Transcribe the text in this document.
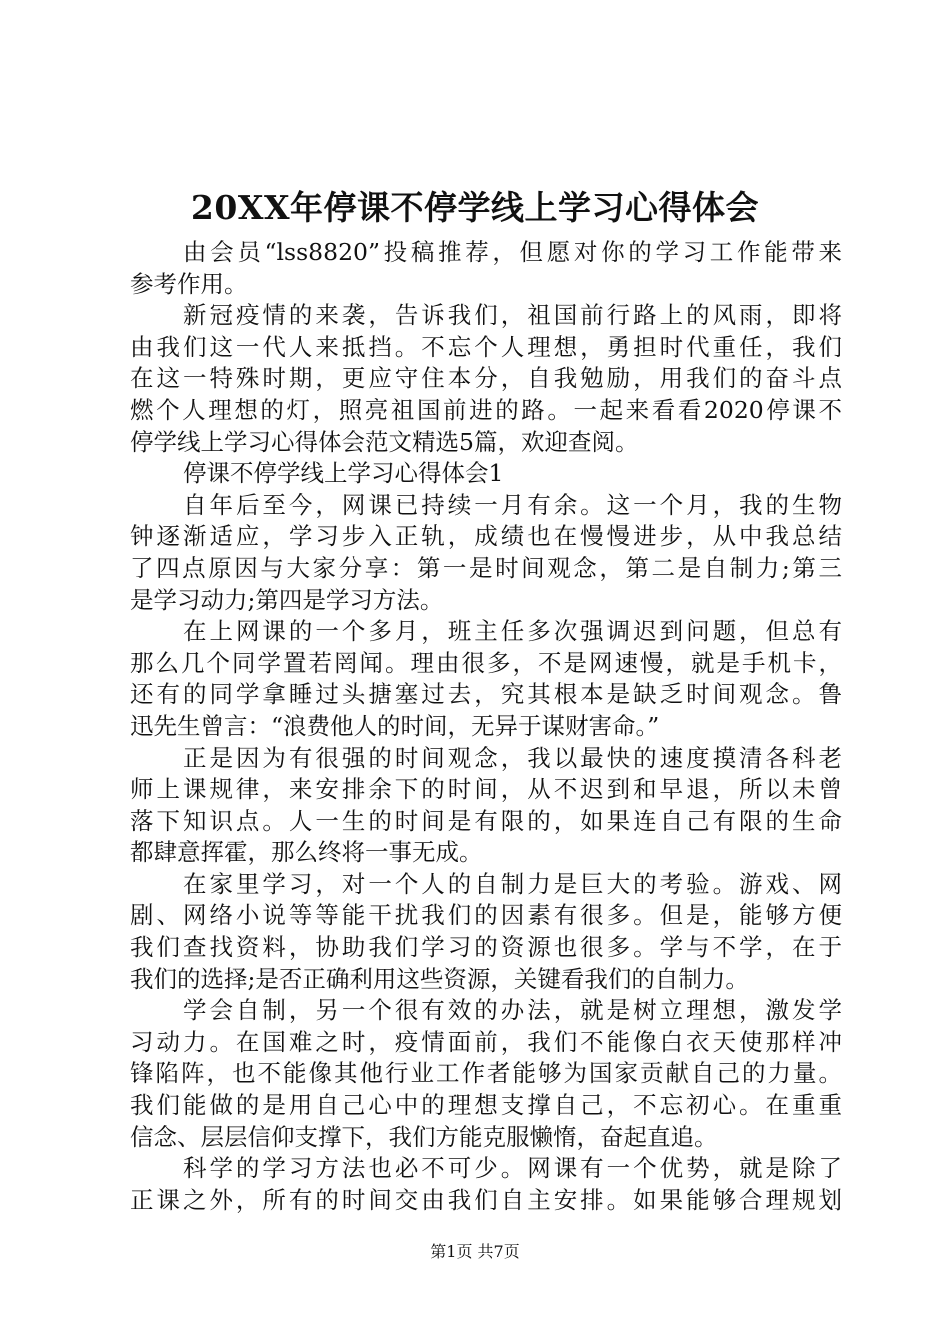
20XX年停课不停学线上学习心得体会
由会员“lss8820”投稿推荐，但愿对你的学习工作能带来
参考作用。
新冠疫情的来袭，告诉我们，祖国前行路上的风雨，即将
由我们这一代人来抵挡。不忘个人理想，勇担时代重任，我们
在这一特殊时期，更应守住本分，自我勉励，用我们的奋斗点
燃个人理想的灯，照亮祖国前进的路。一起来看看2020停课不
停学线上学习心得体会范文精选5篇，欢迎查阅。
停课不停学线上学习心得体会1
自年后至今，网课已持续一月有余。这一个月，我的生物
钟逐渐适应，学习步入正轨，成绩也在慢慢进步，从中我总结
了四点原因与大家分享：第一是时间观念，第二是自制力;第三
是学习动力;第四是学习方法。
在上网课的一个多月，班主任多次强调迟到问题，但总有
那么几个同学置若罔闻。理由很多，不是网速慢，就是手机卡，
还有的同学拿睡过头搪塞过去，究其根本是缺乏时间观念。鲁
迅先生曾言：“浪费他人的时间，无异于谋财害命。”
正是因为有很强的时间观念，我以最快的速度摸清各科老
师上课规律，来安排余下的时间，从不迟到和早退，所以未曾
落下知识点。人一生的时间是有限的，如果连自己有限的生命
都肆意挥霍，那么终将一事无成。
在家里学习，对一个人的自制力是巨大的考验。游戏、网
剧、网络小说等等能干扰我们的因素有很多。但是，能够方便
我们查找资料，协助我们学习的资源也很多。学与不学，在于
我们的选择;是否正确利用这些资源，关键看我们的自制力。
学会自制，另一个很有效的办法，就是树立理想，激发学
习动力。在国难之时，疫情面前，我们不能像白衣天使那样冲
锋陷阵，也不能像其他行业工作者能够为国家贡献自己的力量。
我们能做的是用自己心中的理想支撑自己，不忘初心。在重重
信念、层层信仰支撑下，我们方能克服懒惰，奋起直追。
科学的学习方法也必不可少。网课有一个优势，就是除了
正课之外，所有的时间交由我们自主安排。如果能够合理规划
第1页 共7页
